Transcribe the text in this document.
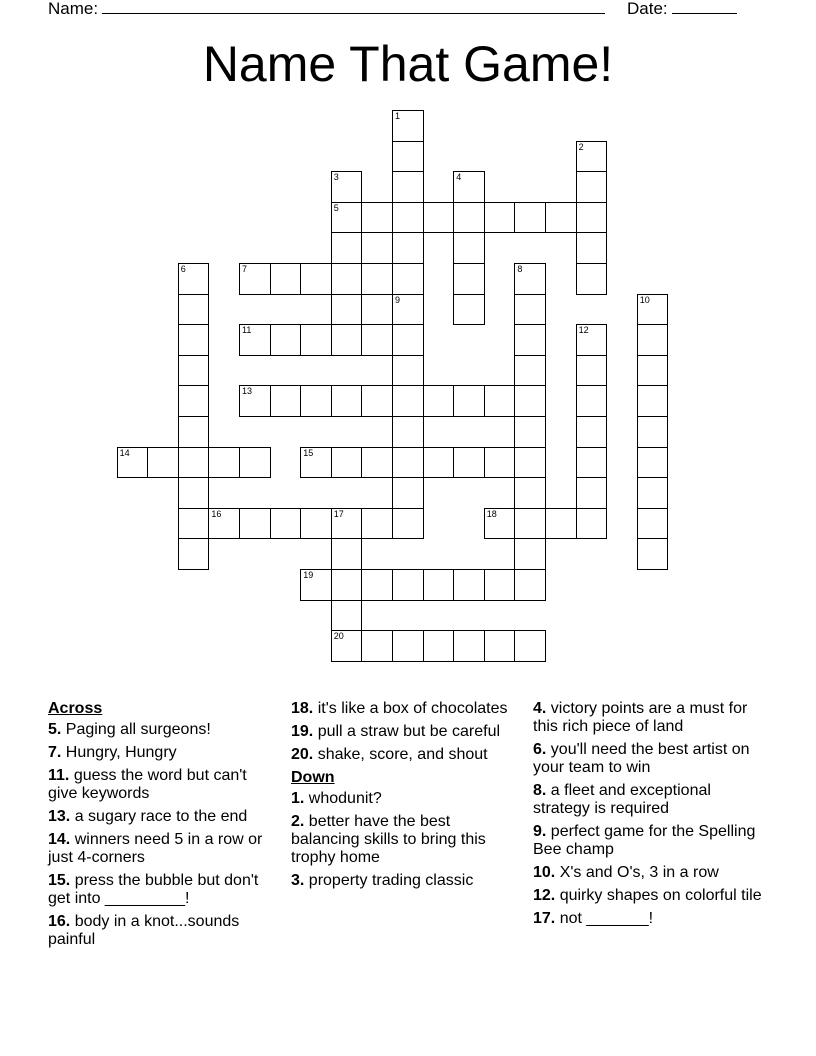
Name:	Date:
Name That Game!
1
9
2
3
5
4
6	7	8
10
11	12
13
14	15
16	17
20
18
19
Across
5. Paging all surgeons!
7. Hungry, Hungry
11. guess the word but can't give keywords
13. a sugary race to the end
14. winners need 5 in a row or just 4-corners
15. press the bubble but don't get into _________!
16. body in a knot...sounds painful
18. it's like a box of chocolates
19. pull a straw but be careful
20. shake, score, and shout
Down
1. whodunit?
2. better have the best balancing skills to bring this trophy home
3. property trading classic
4. victory points are a must for this rich piece of land
6. you'll need the best artist on your team to win
8. a fleet and exceptional strategy is required
9. perfect game for the Spelling Bee champ
10. X's and O's, 3 in a row
12. quirky shapes on colorful tile
17. not _______!
